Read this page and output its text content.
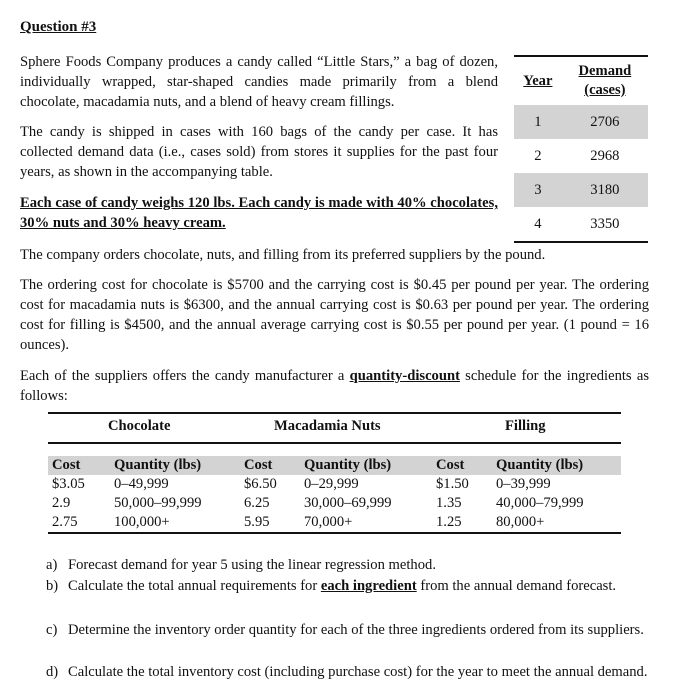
Question #3
Sphere Foods Company produces a candy called “Little Stars,” a bag of dozen, individually wrapped, star-shaped candies made primarily from a blend chocolate, macadamia nuts, and a blend of heavy cream fillings.
The candy is shipped in cases with 160 bags of the candy per case. It has collected demand data (i.e., cases sold) from stores it supplies for the past four years, as shown in the accompanying table.
Each case of candy weighs 120 lbs. Each candy is made with 40% chocolates, 30% nuts and 30% heavy cream.
Year	Demand
(cases)
1	2706
2	2968
3	3180
4	3350
The company orders chocolate, nuts, and filling from its preferred suppliers by the pound.
The ordering cost for chocolate is $5700 and the carrying cost is $0.45 per pound per year. The ordering cost for macadamia nuts is $6300, and the annual carrying cost is $0.63 per pound per year. The ordering cost for filling is $4500, and the annual average carrying cost is $0.55 per pound per year. (1 pound = 16 ounces).
Each of the suppliers offers the candy manufacturer a quantity-discount schedule for the ingredients as follows:
Chocolate	Macadamia Nuts	Filling
Cost	Quantity (lbs)	Cost	Quantity (lbs)	Cost	Quantity (lbs)
$3.05	0–49,999	$6.50	0–29,999	$1.50	0–39,999
2.9	50,000–99,999	6.25	30,000–69,999	1.35	40,000–79,999
2.75	100,000+	5.95	70,000+	1.25	80,000+
a) Forecast demand for year 5 using the linear regression method.
b) Calculate the total annual requirements for each ingredient from the annual demand forecast.
c) Determine the inventory order quantity for each of the three ingredients ordered from its suppliers.
d) Calculate the total inventory cost (including purchase cost) for the year to meet the annual demand.
